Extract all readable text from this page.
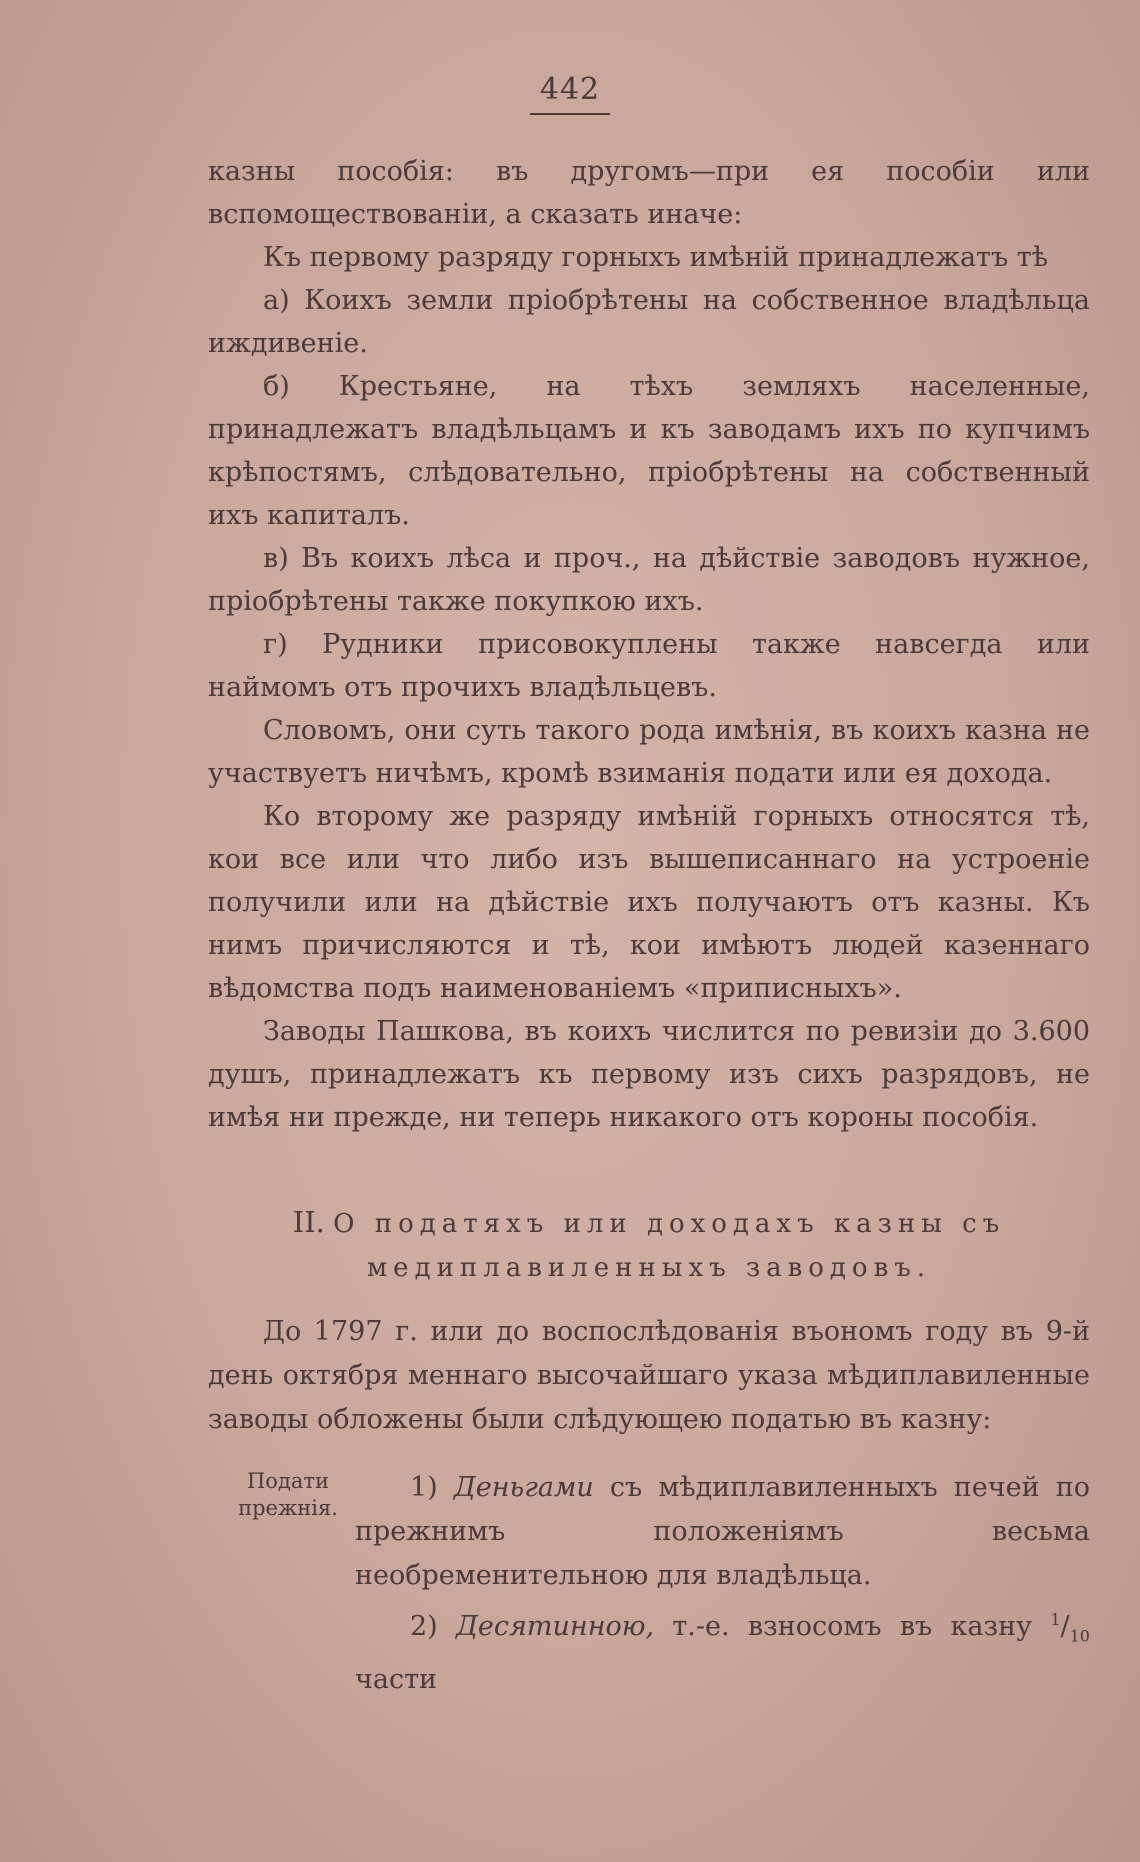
442

казны пособія: въ другомъ—при ея пособіи или вспомоществованіи, а сказать иначе:

Къ первому разряду горныхъ имѣній принадлежатъ тѣ

а) Коихъ земли пріобрѣтены на собственное владѣльца иждивеніе.

б) Крестьяне, на тѣхъ земляхъ населенные, принадлежатъ владѣльцамъ и къ заводамъ ихъ по купчимъ крѣпостямъ, слѣдовательно, пріобрѣтены на собственный ихъ капиталъ.

в) Въ коихъ лѣса и проч., на дѣйствіе заводовъ нужное, пріобрѣтены также покупкою ихъ.

г) Рудники присовокуплены также навсегда или наймомъ отъ прочихъ владѣльцевъ.

Словомъ, они суть такого рода имѣнія, въ коихъ казна не участвуетъ ничѣмъ, кромѣ взиманія подати или ея дохода.

Ко второму же разряду имѣній горныхъ относятся тѣ, кои все или что либо изъ вышеписаннаго на устроеніе получили или на дѣйствіе ихъ получаютъ отъ казны. Къ нимъ причисляются и тѣ, кои имѣютъ людей казеннаго вѣдомства подъ наименованіемъ «приписныхъ».

Заводы Пашкова, въ коихъ числится по ревизіи до 3.600 душъ, принадлежатъ къ первому изъ сихъ разрядовъ, не имѣя ни прежде, ни теперь никакого отъ короны пособія.

II. О податяхъ или доходахъ казны съ медиплавиленныхъ заводовъ.

До 1797 г. или до воспослѣдованія въономъ году въ 9-й день октября меннаго высочайшаго указа мѣдиплавиленные заводы обложены были слѣдующею податью въ казну:

Подати прежнія.

1) Деньгами съ мѣдиплавиленныхъ печей по прежнимъ положеніямъ весьма необременительною для владѣльца.

2) Десятинною, т.-е. взносомъ въ казну $^1/_{10}$ части
